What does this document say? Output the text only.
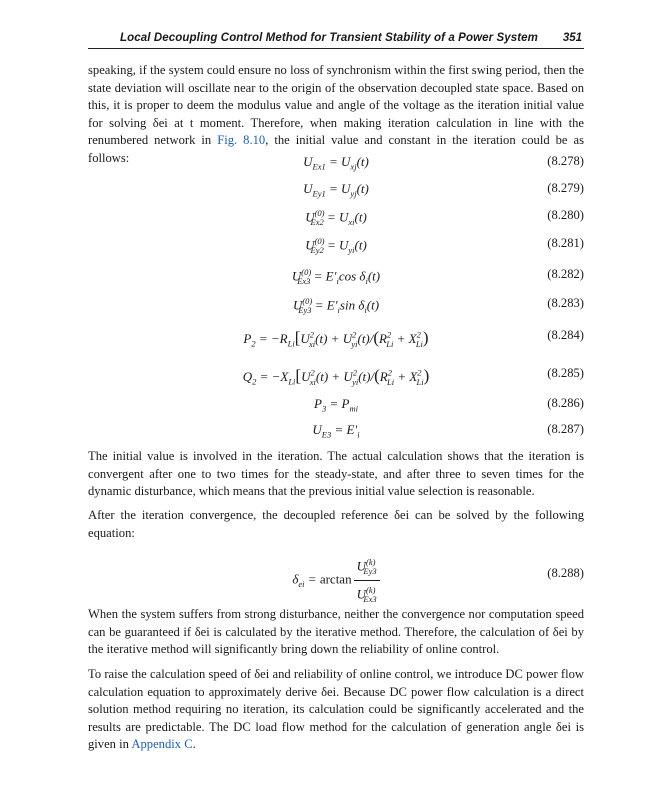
Local Decoupling Control Method for Transient Stability of a Power System 351

speaking, if the system could ensure no loss of synchronism within the first swing period, then the state deviation will oscillate near to the origin of the observation decoupled state space. Based on this, it is proper to deem the modulus value and angle of the voltage as the iteration initial value for solving δei at t moment. Therefore, when making iteration calculation in line with the renumbered network in Fig. 8.10, the initial value and constant in the iteration could be as follows:	$U_{Ex1} = U_{xj}(t)$	(8.278)
$U_{Ey1} = U_{yj}(t)$	(8.279)
$U^{(0)}_{Ex2} = U_{xi}(t)$	(8.280)
$U^{(0)}_{Ey2} = U_{yi}(t)$	(8.281)
$U^{(0)}_{Ex3} = E'_i\cos$ $\delta_i(t)$	(8.282)
$U^{(0)}_{Ey3} = E'_i\sin$ $\delta_i(t)$	(8.283)
$P_2 = -R_{Li}[U^2_{xi}(t) + U^2_{yi}(t)/(R^2_{Li} + X^2_{Li})$	(8.284)
$Q_2 = -X_{Li}[U^2_{xi}(t) + U^2_{yi}(t)/(R^2_{Li} + X^2_{Li})$	(8.285)
$P_3 = P_{mi}$	(8.286)
$U_{E3} = E'_i$	(8.287)

The initial value is involved in the iteration. The actual calculation shows that the iteration is convergent after one to two times for the steady-state, and after three to seven times for the dynamic disturbance, which means that the previous initial value selection is reasonable.

After the iteration convergence, the decoupled reference δei can be solved by the following equation:

$\delta_{ei} = \arctan \frac{U^{(k)}_{Ey3}}{U^{(k)}_{Ex3}}$	(8.288)

When the system suffers from strong disturbance, neither the convergence nor computation speed can be guaranteed if δei is calculated by the iterative method. Therefore, the calculation of δei by the iterative method will significantly bring down the reliability of online control.

To raise the calculation speed of δei and reliability of online control, we introduce DC power flow calculation equation to approximately derive δei. Because DC power flow calculation is a direct solution method requiring no iteration, its calculation could be significantly accelerated and the results are predictable. The DC load flow method for the calculation of generation angle δei is given in Appendix C.
